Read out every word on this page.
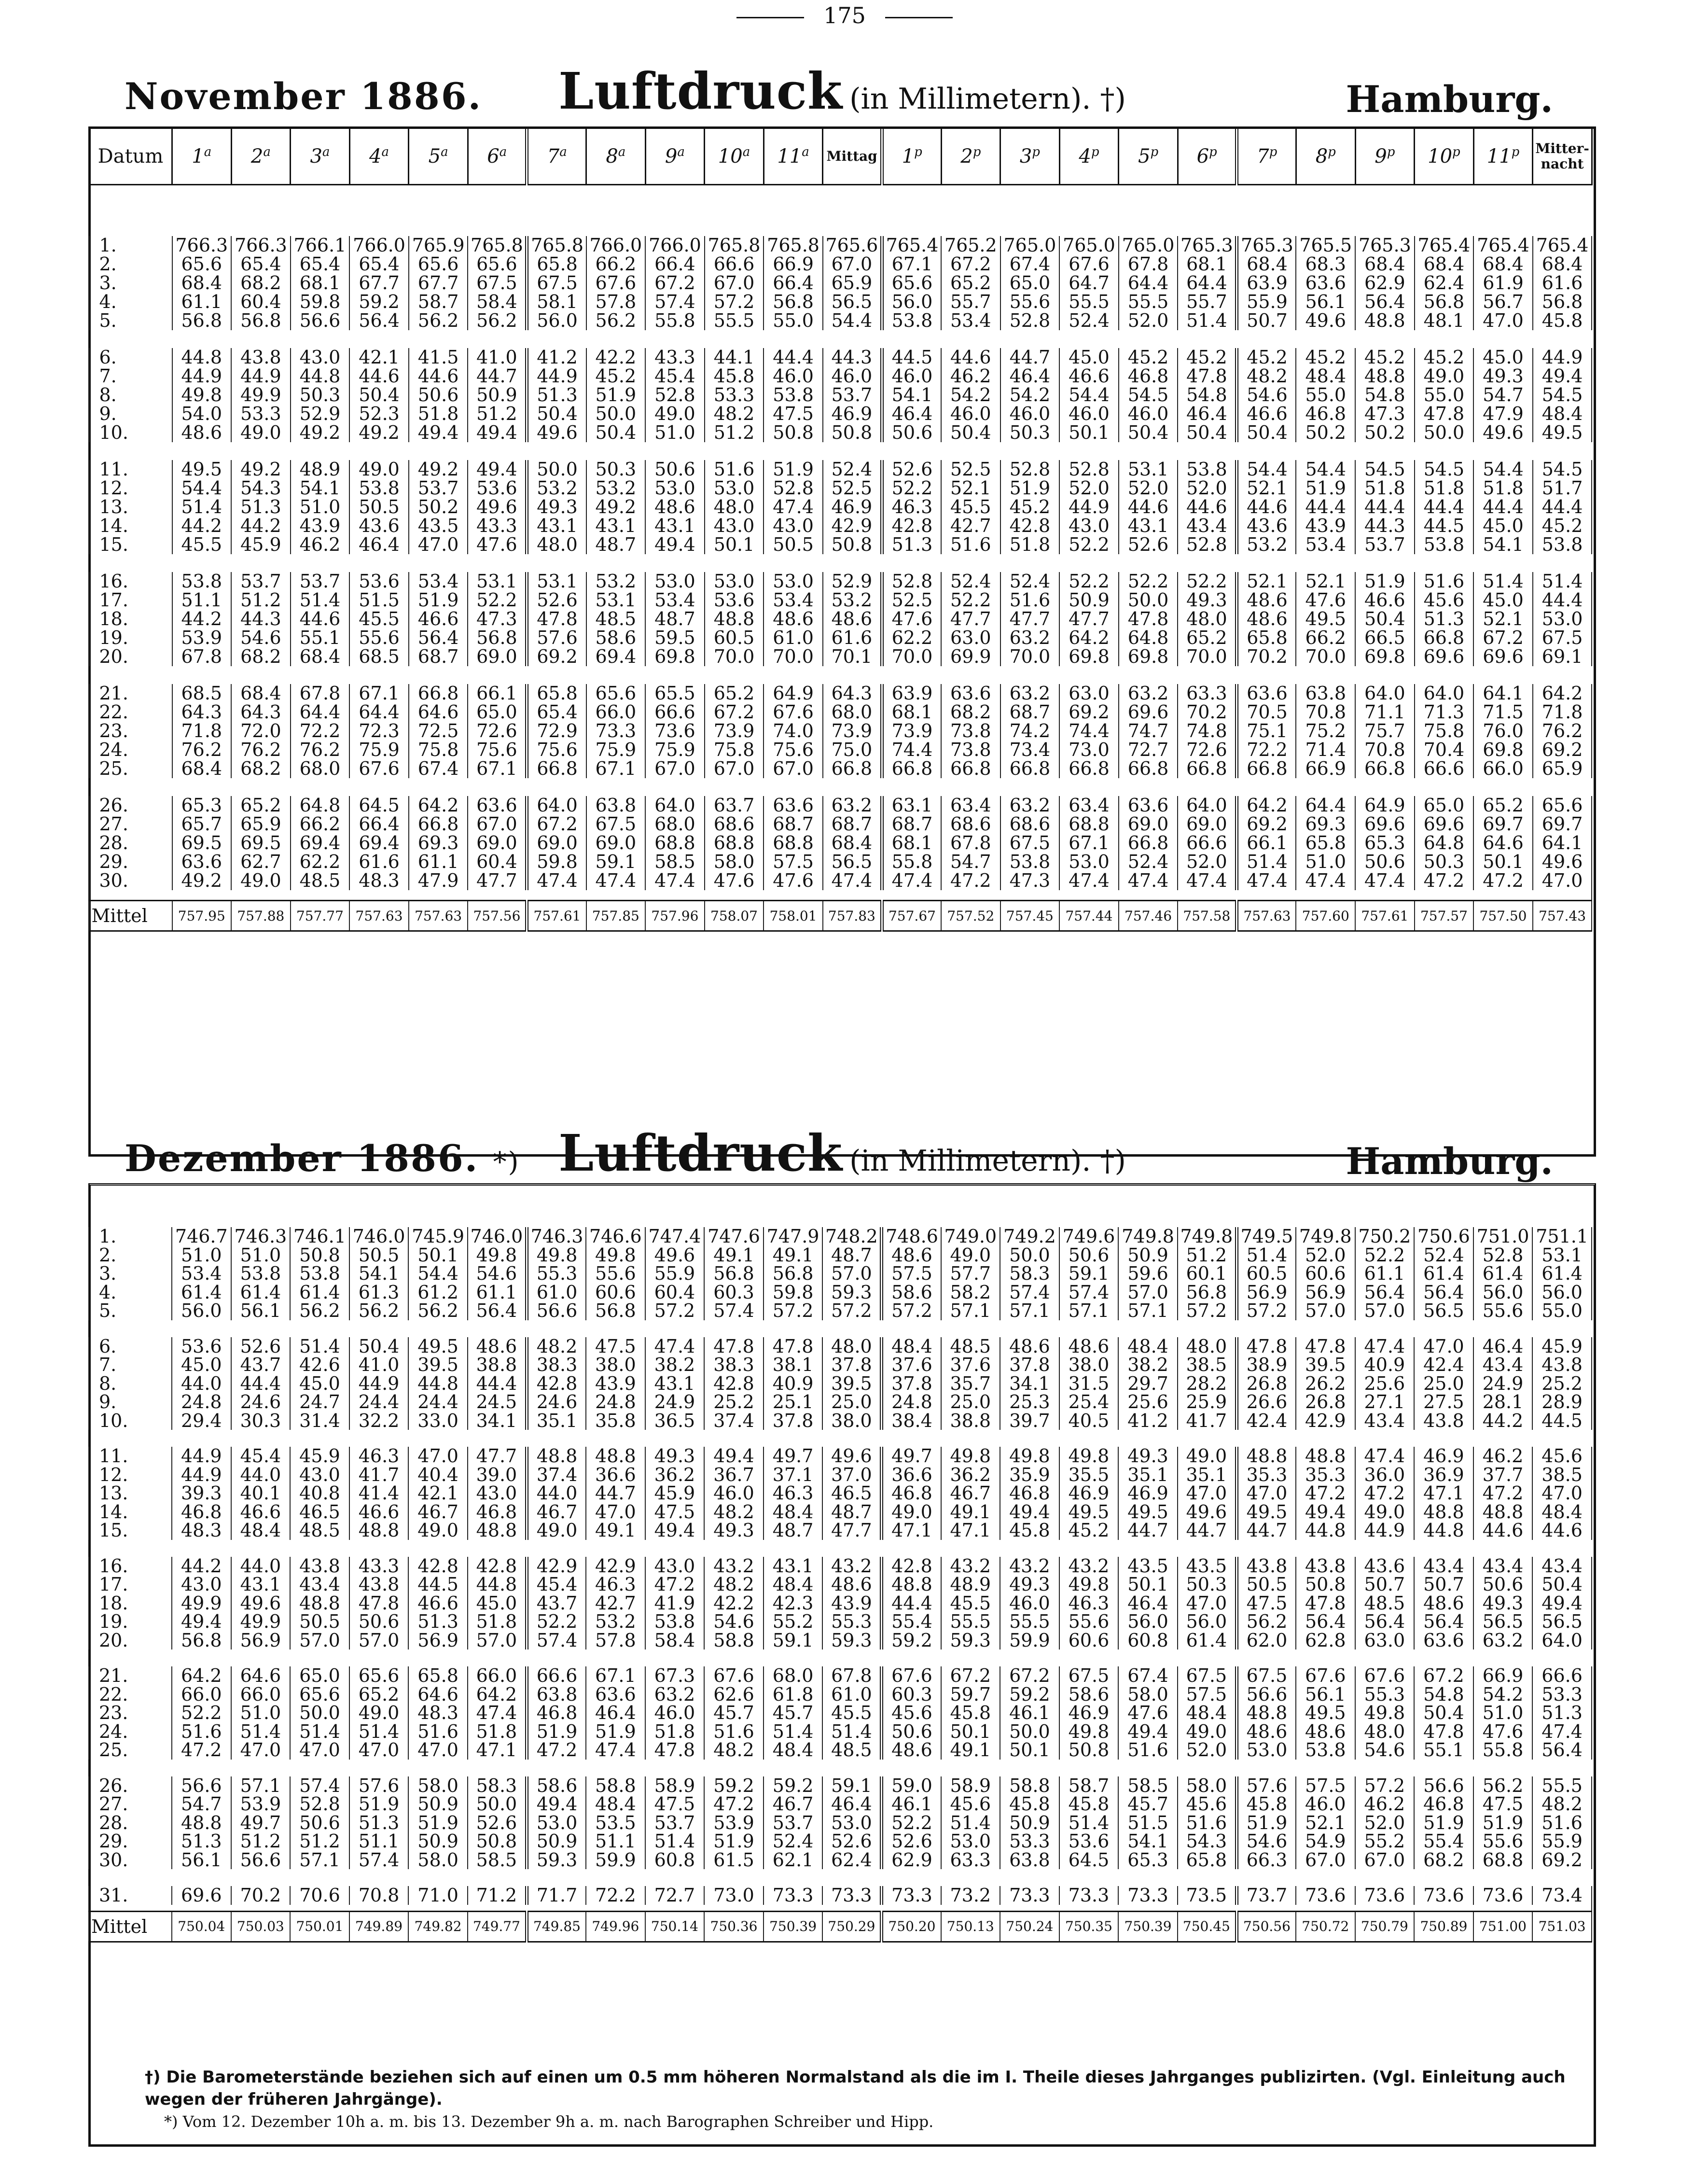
175
November 1886.	Luftdruck (in Millimetern). †)	Hamburg.
Datum	1$^a$	2$^a$	3$^a$	4$^a$	5$^a$	6$^a$	7$^a$	8$^a$	9$^a$	10$^a$	11$^a$	Mittag	1$^p$	2$^p$	3$^p$	4$^p$	5$^p$	6$^p$	7$^p$	8$^p$	9$^p$	10$^p$	11$^p$	Mitter-nacht

1.	766.3	766.3	766.1	766.0	765.9	765.8	765.8	766.0	766.0	765.8	765.8	765.6	765.4	765.2	765.0	765.0	765.0	765.3	765.3	765.5	765.3	765.4	765.4	765.4
2.	65.6	65.4	65.4	65.4	65.6	65.6	65.8	66.2	66.4	66.6	66.9	67.0	67.1	67.2	67.4	67.6	67.8	68.1	68.4	68.3	68.4	68.4	68.4	68.4
3.	68.4	68.2	68.1	67.7	67.7	67.5	67.5	67.6	67.2	67.0	66.4	65.9	65.6	65.2	65.0	64.7	64.4	64.4	63.9	63.6	62.9	62.4	61.9	61.6
4.	61.1	60.4	59.8	59.2	58.7	58.4	58.1	57.8	57.4	57.2	56.8	56.5	56.0	55.7	55.6	55.5	55.5	55.7	55.9	56.1	56.4	56.8	56.7	56.8
5.	56.8	56.8	56.6	56.4	56.2	56.2	56.0	56.2	55.8	55.5	55.0	54.4	53.8	53.4	52.8	52.4	52.0	51.4	50.7	49.6	48.8	48.1	47.0	45.8

6.	44.8	43.8	43.0	42.1	41.5	41.0	41.2	42.2	43.3	44.1	44.4	44.3	44.5	44.6	44.7	45.0	45.2	45.2	45.2	45.2	45.2	45.2	45.0	44.9
7.	44.9	44.9	44.8	44.6	44.6	44.7	44.9	45.2	45.4	45.8	46.0	46.0	46.0	46.2	46.4	46.6	46.8	47.8	48.2	48.4	48.8	49.0	49.3	49.4
8.	49.8	49.9	50.3	50.4	50.6	50.9	51.3	51.9	52.8	53.3	53.8	53.7	54.1	54.2	54.2	54.4	54.5	54.8	54.6	55.0	54.8	55.0	54.7	54.5
9.	54.0	53.3	52.9	52.3	51.8	51.2	50.4	50.0	49.0	48.2	47.5	46.9	46.4	46.0	46.0	46.0	46.0	46.4	46.6	46.8	47.3	47.8	47.9	48.4
10.	48.6	49.0	49.2	49.2	49.4	49.4	49.6	50.4	51.0	51.2	50.8	50.8	50.6	50.4	50.3	50.1	50.4	50.4	50.4	50.2	50.2	50.0	49.6	49.5

11.	49.5	49.2	48.9	49.0	49.2	49.4	50.0	50.3	50.6	51.6	51.9	52.4	52.6	52.5	52.8	52.8	53.1	53.8	54.4	54.4	54.5	54.5	54.4	54.5
12.	54.4	54.3	54.1	53.8	53.7	53.6	53.2	53.2	53.0	53.0	52.8	52.5	52.2	52.1	51.9	52.0	52.0	52.0	52.1	51.9	51.8	51.8	51.8	51.7
13.	51.4	51.3	51.0	50.5	50.2	49.6	49.3	49.2	48.6	48.0	47.4	46.9	46.3	45.5	45.2	44.9	44.6	44.6	44.6	44.4	44.4	44.4	44.4	44.4
14.	44.2	44.2	43.9	43.6	43.5	43.3	43.1	43.1	43.1	43.0	43.0	42.9	42.8	42.7	42.8	43.0	43.1	43.4	43.6	43.9	44.3	44.5	45.0	45.2
15.	45.5	45.9	46.2	46.4	47.0	47.6	48.0	48.7	49.4	50.1	50.5	50.8	51.3	51.6	51.8	52.2	52.6	52.8	53.2	53.4	53.7	53.8	54.1	53.8

16.	53.8	53.7	53.7	53.6	53.4	53.1	53.1	53.2	53.0	53.0	53.0	52.9	52.8	52.4	52.4	52.2	52.2	52.2	52.1	52.1	51.9	51.6	51.4	51.4
17.	51.1	51.2	51.4	51.5	51.9	52.2	52.6	53.1	53.4	53.6	53.4	53.2	52.5	52.2	51.6	50.9	50.0	49.3	48.6	47.6	46.6	45.6	45.0	44.4
18.	44.2	44.3	44.6	45.5	46.6	47.3	47.8	48.5	48.7	48.8	48.6	48.6	47.6	47.7	47.7	47.7	47.8	48.0	48.6	49.5	50.4	51.3	52.1	53.0
19.	53.9	54.6	55.1	55.6	56.4	56.8	57.6	58.6	59.5	60.5	61.0	61.6	62.2	63.0	63.2	64.2	64.8	65.2	65.8	66.2	66.5	66.8	67.2	67.5
20.	67.8	68.2	68.4	68.5	68.7	69.0	69.2	69.4	69.8	70.0	70.0	70.1	70.0	69.9	70.0	69.8	69.8	70.0	70.2	70.0	69.8	69.6	69.6	69.1

21.	68.5	68.4	67.8	67.1	66.8	66.1	65.8	65.6	65.5	65.2	64.9	64.3	63.9	63.6	63.2	63.0	63.2	63.3	63.6	63.8	64.0	64.0	64.1	64.2
22.	64.3	64.3	64.4	64.4	64.6	65.0	65.4	66.0	66.6	67.2	67.6	68.0	68.1	68.2	68.7	69.2	69.6	70.2	70.5	70.8	71.1	71.3	71.5	71.8
23.	71.8	72.0	72.2	72.3	72.5	72.6	72.9	73.3	73.6	73.9	74.0	73.9	73.9	73.8	74.2	74.4	74.7	74.8	75.1	75.2	75.7	75.8	76.0	76.2
24.	76.2	76.2	76.2	75.9	75.8	75.6	75.6	75.9	75.9	75.8	75.6	75.0	74.4	73.8	73.4	73.0	72.7	72.6	72.2	71.4	70.8	70.4	69.8	69.2
25.	68.4	68.2	68.0	67.6	67.4	67.1	66.8	67.1	67.0	67.0	67.0	66.8	66.8	66.8	66.8	66.8	66.8	66.8	66.8	66.9	66.8	66.6	66.0	65.9

26.	65.3	65.2	64.8	64.5	64.2	63.6	64.0	63.8	64.0	63.7	63.6	63.2	63.1	63.4	63.2	63.4	63.6	64.0	64.2	64.4	64.9	65.0	65.2	65.6
27.	65.7	65.9	66.2	66.4	66.8	67.0	67.2	67.5	68.0	68.6	68.7	68.7	68.7	68.6	68.6	68.8	69.0	69.0	69.2	69.3	69.6	69.6	69.7	69.7
28.	69.5	69.5	69.4	69.4	69.3	69.0	69.0	69.0	68.8	68.8	68.8	68.4	68.1	67.8	67.5	67.1	66.8	66.6	66.1	65.8	65.3	64.8	64.6	64.1
29.	63.6	62.7	62.2	61.6	61.1	60.4	59.8	59.1	58.5	58.0	57.5	56.5	55.8	54.7	53.8	53.0	52.4	52.0	51.4	51.0	50.6	50.3	50.1	49.6
30.	49.2	49.0	48.5	48.3	47.9	47.7	47.4	47.4	47.4	47.6	47.6	47.4	47.4	47.2	47.3	47.4	47.4	47.4	47.4	47.4	47.4	47.2	47.2	47.0

Mittel	757.95	757.88	757.77	757.63	757.63	757.56	757.61	757.85	757.96	758.07	758.01	757.83	757.67	757.52	757.45	757.44	757.46	757.58	757.63	757.60	757.61	757.57	757.50	757.43
Dezember 1886. *) Luftdruck (in Millimetern). †)	Hamburg.

1.	746.7	746.3	746.1	746.0	745.9	746.0	746.3	746.6	747.4	747.6	747.9	748.2	748.6	749.0	749.2	749.6	749.8	749.8	749.5	749.8	750.2	750.6	751.0	751.1
2.	51.0	51.0	50.8	50.5	50.1	49.8	49.8	49.8	49.6	49.1	49.1	48.7	48.6	49.0	50.0	50.6	50.9	51.2	51.4	52.0	52.2	52.4	52.8	53.1
3.	53.4	53.8	53.8	54.1	54.4	54.6	55.3	55.6	55.9	56.8	56.8	57.0	57.5	57.7	58.3	59.1	59.6	60.1	60.5	60.6	61.1	61.4	61.4	61.4
4.	61.4	61.4	61.4	61.3	61.2	61.1	61.0	60.6	60.4	60.3	59.8	59.3	58.6	58.2	57.4	57.4	57.0	56.8	56.9	56.9	56.4	56.4	56.0	56.0
5.	56.0	56.1	56.2	56.2	56.2	56.4	56.6	56.8	57.2	57.4	57.2	57.2	57.2	57.1	57.1	57.1	57.1	57.2	57.2	57.0	57.0	56.5	55.6	55.0

6.	53.6	52.6	51.4	50.4	49.5	48.6	48.2	47.5	47.4	47.8	47.8	48.0	48.4	48.5	48.6	48.6	48.4	48.0	47.8	47.8	47.4	47.0	46.4	45.9
7.	45.0	43.7	42.6	41.0	39.5	38.8	38.3	38.0	38.2	38.3	38.1	37.8	37.6	37.6	37.8	38.0	38.2	38.5	38.9	39.5	40.9	42.4	43.4	43.8
8.	44.0	44.4	45.0	44.9	44.8	44.4	42.8	43.9	43.1	42.8	40.9	39.5	37.8	35.7	34.1	31.5	29.7	28.2	26.8	26.2	25.6	25.0	24.9	25.2
9.	24.8	24.6	24.7	24.4	24.4	24.5	24.6	24.8	24.9	25.2	25.1	25.0	24.8	25.0	25.3	25.4	25.6	25.9	26.6	26.8	27.1	27.5	28.1	28.9
10.	29.4	30.3	31.4	32.2	33.0	34.1	35.1	35.8	36.5	37.4	37.8	38.0	38.4	38.8	39.7	40.5	41.2	41.7	42.4	42.9	43.4	43.8	44.2	44.5

11.	44.9	45.4	45.9	46.3	47.0	47.7	48.8	48.8	49.3	49.4	49.7	49.6	49.7	49.8	49.8	49.8	49.3	49.0	48.8	48.8	47.4	46.9	46.2	45.6
12.	44.9	44.0	43.0	41.7	40.4	39.0	37.4	36.6	36.2	36.7	37.1	37.0	36.6	36.2	35.9	35.5	35.1	35.1	35.3	35.3	36.0	36.9	37.7	38.5
13.	39.3	40.1	40.8	41.4	42.1	43.0	44.0	44.7	45.9	46.0	46.3	46.5	46.8	46.7	46.8	46.9	46.9	47.0	47.0	47.2	47.2	47.1	47.2	47.0
14.	46.8	46.6	46.5	46.6	46.7	46.8	46.7	47.0	47.5	48.2	48.4	48.7	49.0	49.1	49.4	49.5	49.5	49.6	49.5	49.4	49.0	48.8	48.8	48.4
15.	48.3	48.4	48.5	48.8	49.0	48.8	49.0	49.1	49.4	49.3	48.7	47.7	47.1	47.1	45.8	45.2	44.7	44.7	44.7	44.8	44.9	44.8	44.6	44.6

16.	44.2	44.0	43.8	43.3	42.8	42.8	42.9	42.9	43.0	43.2	43.1	43.2	42.8	43.2	43.2	43.2	43.5	43.5	43.8	43.8	43.6	43.4	43.4	43.4
17.	43.0	43.1	43.4	43.8	44.5	44.8	45.4	46.3	47.2	48.2	48.4	48.6	48.8	48.9	49.3	49.8	50.1	50.3	50.5	50.8	50.7	50.7	50.6	50.4
18.	49.9	49.6	48.8	47.8	46.6	45.0	43.7	42.7	41.9	42.2	42.3	43.9	44.4	45.5	46.0	46.3	46.4	47.0	47.5	47.8	48.5	48.6	49.3	49.4
19.	49.4	49.9	50.5	50.6	51.3	51.8	52.2	53.2	53.8	54.6	55.2	55.3	55.4	55.5	55.5	55.6	56.0	56.0	56.2	56.4	56.4	56.4	56.5	56.5
20.	56.8	56.9	57.0	57.0	56.9	57.0	57.4	57.8	58.4	58.8	59.1	59.3	59.2	59.3	59.9	60.6	60.8	61.4	62.0	62.8	63.0	63.6	63.2	64.0

21.	64.2	64.6	65.0	65.6	65.8	66.0	66.6	67.1	67.3	67.6	68.0	67.8	67.6	67.2	67.2	67.5	67.4	67.5	67.5	67.6	67.6	67.2	66.9	66.6
22.	66.0	66.0	65.6	65.2	64.6	64.2	63.8	63.6	63.2	62.6	61.8	61.0	60.3	59.7	59.2	58.6	58.0	57.5	56.6	56.1	55.3	54.8	54.2	53.3
23.	52.2	51.0	50.0	49.0	48.3	47.4	46.8	46.4	46.0	45.7	45.7	45.5	45.6	45.8	46.1	46.9	47.6	48.4	48.8	49.5	49.8	50.4	51.0	51.3
24.	51.6	51.4	51.4	51.4	51.6	51.8	51.9	51.9	51.8	51.6	51.4	51.4	50.6	50.1	50.0	49.8	49.4	49.0	48.6	48.6	48.0	47.8	47.6	47.4
25.	47.2	47.0	47.0	47.0	47.0	47.1	47.2	47.4	47.8	48.2	48.4	48.5	48.6	49.1	50.1	50.8	51.6	52.0	53.0	53.8	54.6	55.1	55.8	56.4

26.	56.6	57.1	57.4	57.6	58.0	58.3	58.6	58.8	58.9	59.2	59.2	59.1	59.0	58.9	58.8	58.7	58.5	58.0	57.6	57.5	57.2	56.6	56.2	55.5
27.	54.7	53.9	52.8	51.9	50.9	50.0	49.4	48.4	47.5	47.2	46.7	46.4	46.1	45.6	45.8	45.8	45.7	45.6	45.8	46.0	46.2	46.8	47.5	48.2
28.	48.8	49.7	50.6	51.3	51.9	52.6	53.0	53.5	53.7	53.9	53.7	53.0	52.2	51.4	50.9	51.4	51.5	51.6	51.9	52.1	52.0	51.9	51.9	51.6
29.	51.3	51.2	51.2	51.1	50.9	50.8	50.9	51.1	51.4	51.9	52.4	52.6	52.6	53.0	53.3	53.6	54.1	54.3	54.6	54.9	55.2	55.4	55.6	55.9
30.	56.1	56.6	57.1	57.4	58.0	58.5	59.3	59.9	60.8	61.5	62.1	62.4	62.9	63.3	63.8	64.5	65.3	65.8	66.3	67.0	67.0	68.2	68.8	69.2

31.	69.6	70.2	70.6	70.8	71.0	71.2	71.7	72.2	72.7	73.0	73.3	73.3	73.3	73.2	73.3	73.3	73.3	73.5	73.7	73.6	73.6	73.6	73.6	73.4

Mittel	750.04	750.03	750.01	749.89	749.82	749.77	749.85	749.96	750.14	750.36	750.39	750.29	750.20	750.13	750.24	750.35	750.39	750.45	750.56	750.72	750.79	750.89	751.00	751.03
†) Die Barometerstände beziehen sich auf einen um 0.5 mm höheren Normalstand als die im I. Theile dieses Jahrganges publizirten. (Vgl. Einleitung auch wegen der früheren Jahrgänge).
*) Vom 12. Dezember 10h a. m. bis 13. Dezember 9h a. m. nach Barographen Schreiber und Hipp.
